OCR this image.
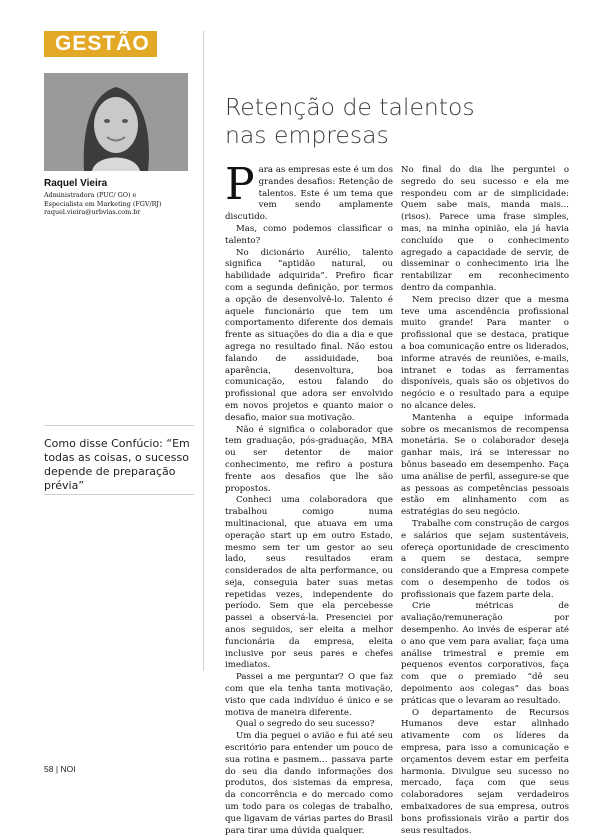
GESTÃO
Raquel Vieira
Administradora (PUC/ GO) e
Especialista em Marketing (FGV/RJ)
raquel.vieira@urbvias.com.br
Como disse Confúcio: “Em todas as coisas, o sucesso depende de preparação prévia”
Retenção de talentos
nas empresas

Para as empresas este é um dos grandes desafios: Retenção de talentos. Este é um tema que vem sendo amplamente discutido.

Mas, como podemos classificar o talento?

No dicionário Aurélio, talento significa “aptidão natural, ou habilidade adquirida”. Prefiro ficar com a segunda definição, por termos a opção de desenvolvê-lo. Talento é aquele funcionário que tem um comportamento diferente dos demais frente as situações do dia a dia e que agrega no resultado final. Não estou falando de assiduidade, boa aparência, desenvoltura, boa comunicação, estou falando do profissional que adora ser envolvido em novos projetos e quanto maior o desafio, maior sua motivação.

Não é significa o colaborador que tem graduação, pós-graduação, MBA ou ser detentor de maior conhecimento, me refiro a postura frente aos desafios que lhe são propostos.

Conheci uma colaboradora que trabalhou comigo numa multinacional, que atuava em uma operação start up em outro Estado, mesmo sem ter um gestor ao seu lado, seus resultados eram considerados de alta performance, ou seja, conseguia bater suas metas repetidas vezes, independente do período. Sem que ela percebesse passei a observá-la. Presenciei por anos seguidos, ser eleita a melhor funcionária da empresa, eleita inclusive por seus pares e chefes imediatos.

Passei a me perguntar? O que faz com que ela tenha tanta motivação, visto que cada indivíduo é único e se motiva de maneira diferente.

Qual o segredo do seu sucesso?

Um dia peguei o avião e fui até seu escritório para entender um pouco de sua rotina e pasmem... passava parte do seu dia dando informações dos produtos, dos sistemas da empresa, da concorrência e do mercado como um todo para os colegas de trabalho, que ligavam de várias partes do Brasil para tirar uma dúvida qualquer.

No final do dia lhe perguntei o segredo do seu sucesso e ela me respondeu com ar de simplicidade: Quem sabe mais, manda mais... (risos). Parece uma frase simples, mas, na minha opinião, ela já havia concluído que o conhecimento agregado a capacidade de servir, de disseminar o conhecimento iria lhe rentabilizar em reconhecimento dentro da companhia.

Nem preciso dizer que a mesma teve uma ascendência profissional muito grande! Para manter o profissional que se destaca, pratique a boa comunicação entre os liderados, informe através de reuniões, e-mails, intranet e todas as ferramentas disponíveis, quais são os objetivos do negócio e o resultado para a equipe no alcance deles.

Mantenha a equipe informada sobre os mecanismos de recompensa monetária. Se o colaborador deseja ganhar mais, irá se interessar no bônus baseado em desempenho. Faça uma análise de perfil, assegure-se que as pessoas as competências pessoais estão em alinhamento com as estratégias do seu negócio.

Trabalhe com construção de cargos e salários que sejam sustentáveis, ofereça oportunidade de crescimento a quem se destaca, sempre considerando que a Empresa compete com o desempenho de todos os profissionais que fazem parte dela.

Crie métricas de avaliação/remuneração por desempenho. Ao invés de esperar até o ano que vem para avaliar, faça uma análise trimestral e premie em pequenos eventos corporativos, faça com que o premiado “dê seu depoimento aos colegas” das boas práticas que o levaram ao resultado.

O departamento de Recursos Humanos deve estar alinhado ativamente com os líderes da empresa, para isso a comunicação e orçamentos devem estar em perfeita harmonia. Divulgue seu sucesso no mercado, faça com que seus colaboradores sejam verdadeiros embaixadores de sua empresa, outros bons profissionais virão a partir dos seus resultados.

58 | NOI
